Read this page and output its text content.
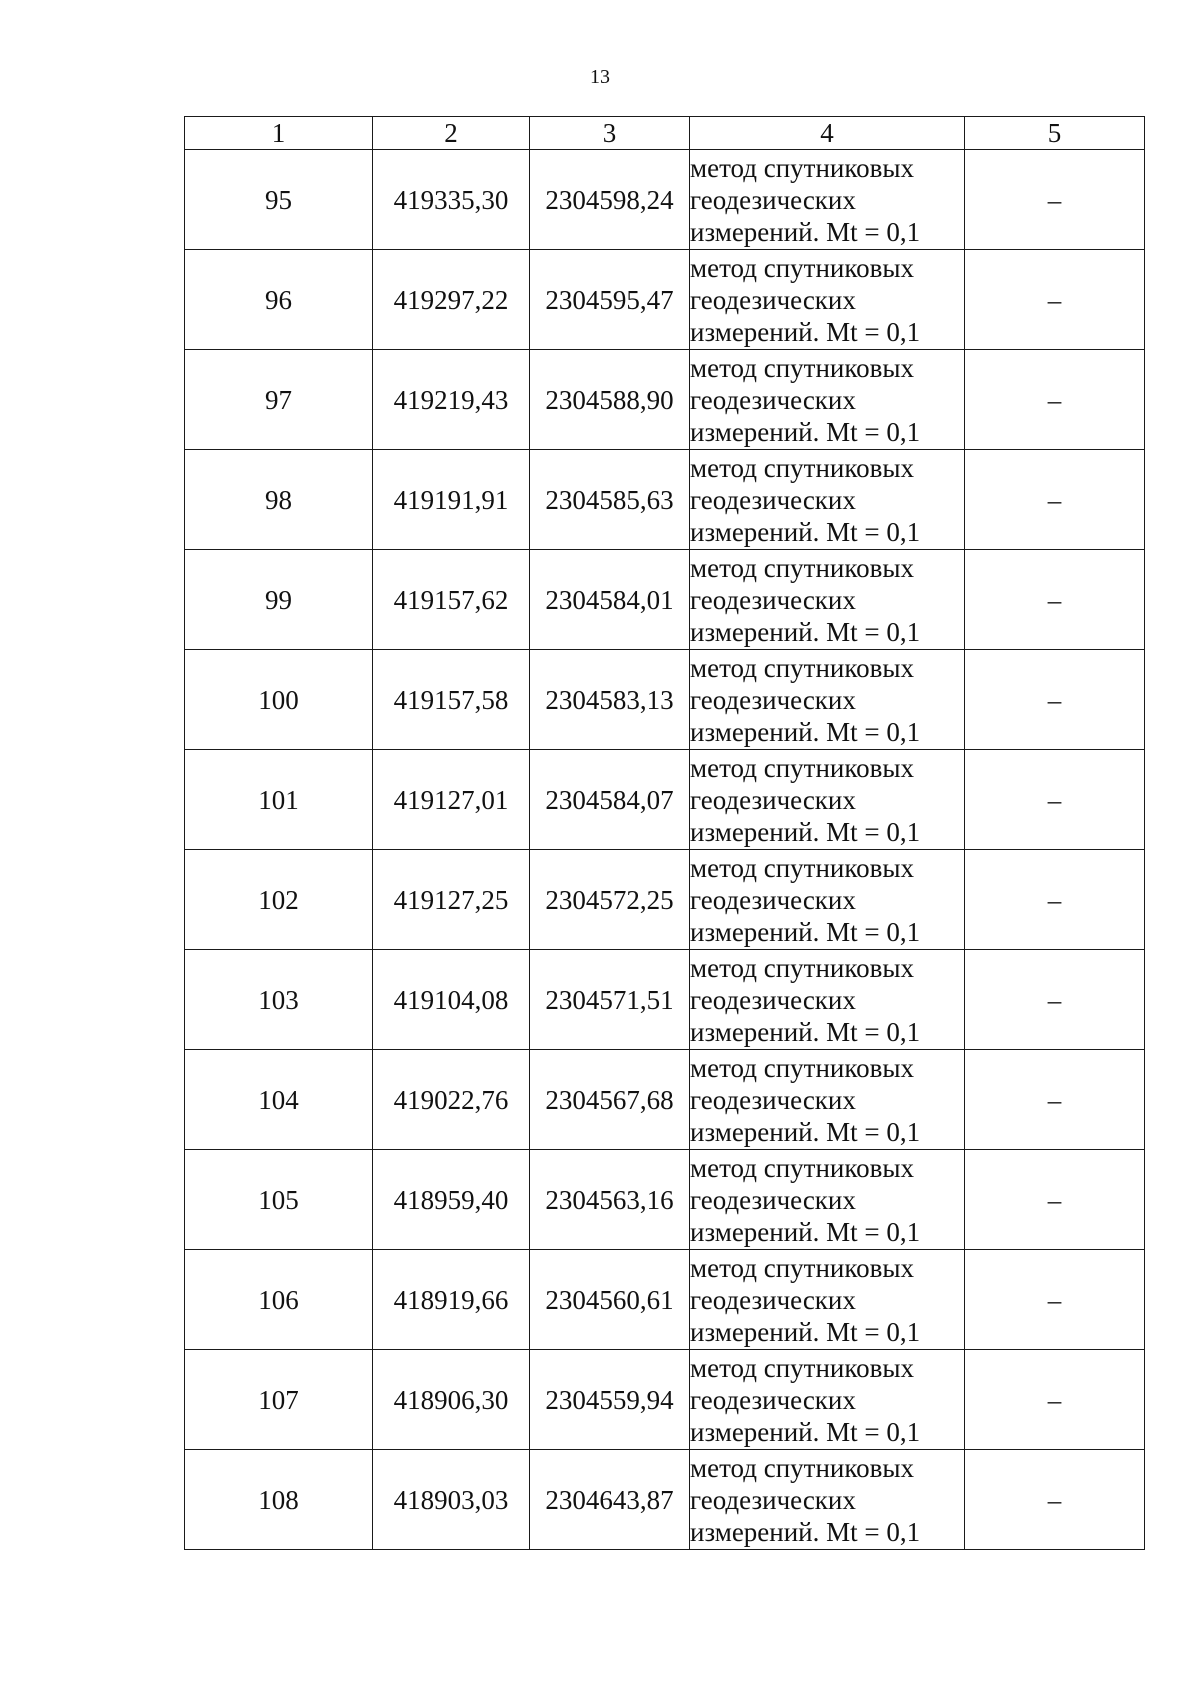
13
1	2	3	4	5
95	419335,30	2304598,24	метод спутниковых
геодезических
измерений. Mt = 0,1	–
96	419297,22	2304595,47	метод спутниковых
геодезических
измерений. Mt = 0,1	–
97	419219,43	2304588,90	метод спутниковых
геодезических
измерений. Mt = 0,1	–
98	419191,91	2304585,63	метод спутниковых
геодезических
измерений. Mt = 0,1	–
99	419157,62	2304584,01	метод спутниковых
геодезических
измерений. Mt = 0,1	–
100	419157,58	2304583,13	метод спутниковых
геодезических
измерений. Mt = 0,1	–
101	419127,01	2304584,07	метод спутниковых
геодезических
измерений. Mt = 0,1	–
102	419127,25	2304572,25	метод спутниковых
геодезических
измерений. Mt = 0,1	–
103	419104,08	2304571,51	метод спутниковых
геодезических
измерений. Mt = 0,1	–
104	419022,76	2304567,68	метод спутниковых
геодезических
измерений. Mt = 0,1	–
105	418959,40	2304563,16	метод спутниковых
геодезических
измерений. Mt = 0,1	–
106	418919,66	2304560,61	метод спутниковых
геодезических
измерений. Mt = 0,1	–
107	418906,30	2304559,94	метод спутниковых
геодезических
измерений. Mt = 0,1	–
108	418903,03	2304643,87	метод спутниковых
геодезических
измерений. Mt = 0,1	–
